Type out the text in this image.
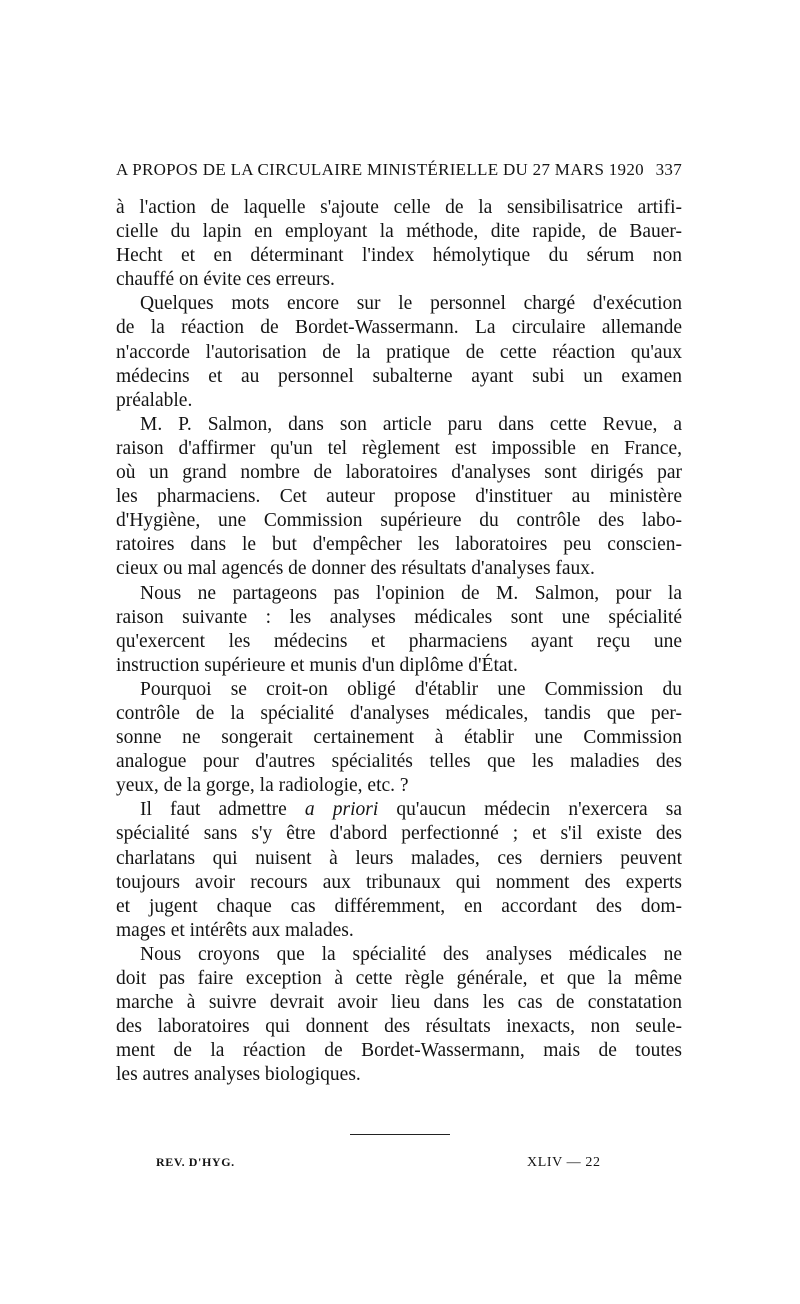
A PROPOS DE LA CIRCULAIRE MINISTÉRIELLE DU 27 MARS 1920 337
à l'action de laquelle s'ajoute celle de la sensibilisatrice artifi-
cielle du lapin en employant la méthode, dite rapide, de Bauer-
Hecht et en déterminant l'index hémolytique du sérum non
chauffé on évite ces erreurs.
Quelques mots encore sur le personnel chargé d'exécution
de la réaction de Bordet-Wassermann. La circulaire allemande
n'accorde l'autorisation de la pratique de cette réaction qu'aux
médecins et au personnel subalterne ayant subi un examen
préalable.
M. P. Salmon, dans son article paru dans cette Revue, a
raison d'affirmer qu'un tel règlement est impossible en France,
où un grand nombre de laboratoires d'analyses sont dirigés par
les pharmaciens. Cet auteur propose d'instituer au ministère
d'Hygiène, une Commission supérieure du contrôle des labo-
ratoires dans le but d'empêcher les laboratoires peu conscien-
cieux ou mal agencés de donner des résultats d'analyses faux.
Nous ne partageons pas l'opinion de M. Salmon, pour la
raison suivante : les analyses médicales sont une spécialité
qu'exercent les médecins et pharmaciens ayant reçu une
instruction supérieure et munis d'un diplôme d'État.
Pourquoi se croit-on obligé d'établir une Commission du
contrôle de la spécialité d'analyses médicales, tandis que per-
sonne ne songerait certainement à établir une Commission
analogue pour d'autres spécialités telles que les maladies des
yeux, de la gorge, la radiologie, etc. ?
Il faut admettre a priori qu'aucun médecin n'exercera sa
spécialité sans s'y être d'abord perfectionné ; et s'il existe des
charlatans qui nuisent à leurs malades, ces derniers peuvent
toujours avoir recours aux tribunaux qui nomment des experts
et jugent chaque cas différemment, en accordant des dom-
mages et intérêts aux malades.
Nous croyons que la spécialité des analyses médicales ne
doit pas faire exception à cette règle générale, et que la même
marche à suivre devrait avoir lieu dans les cas de constatation
des laboratoires qui donnent des résultats inexacts, non seule-
ment de la réaction de Bordet-Wassermann, mais de toutes
les autres analyses biologiques.
REV. D'HYG.	XLIV — 22
